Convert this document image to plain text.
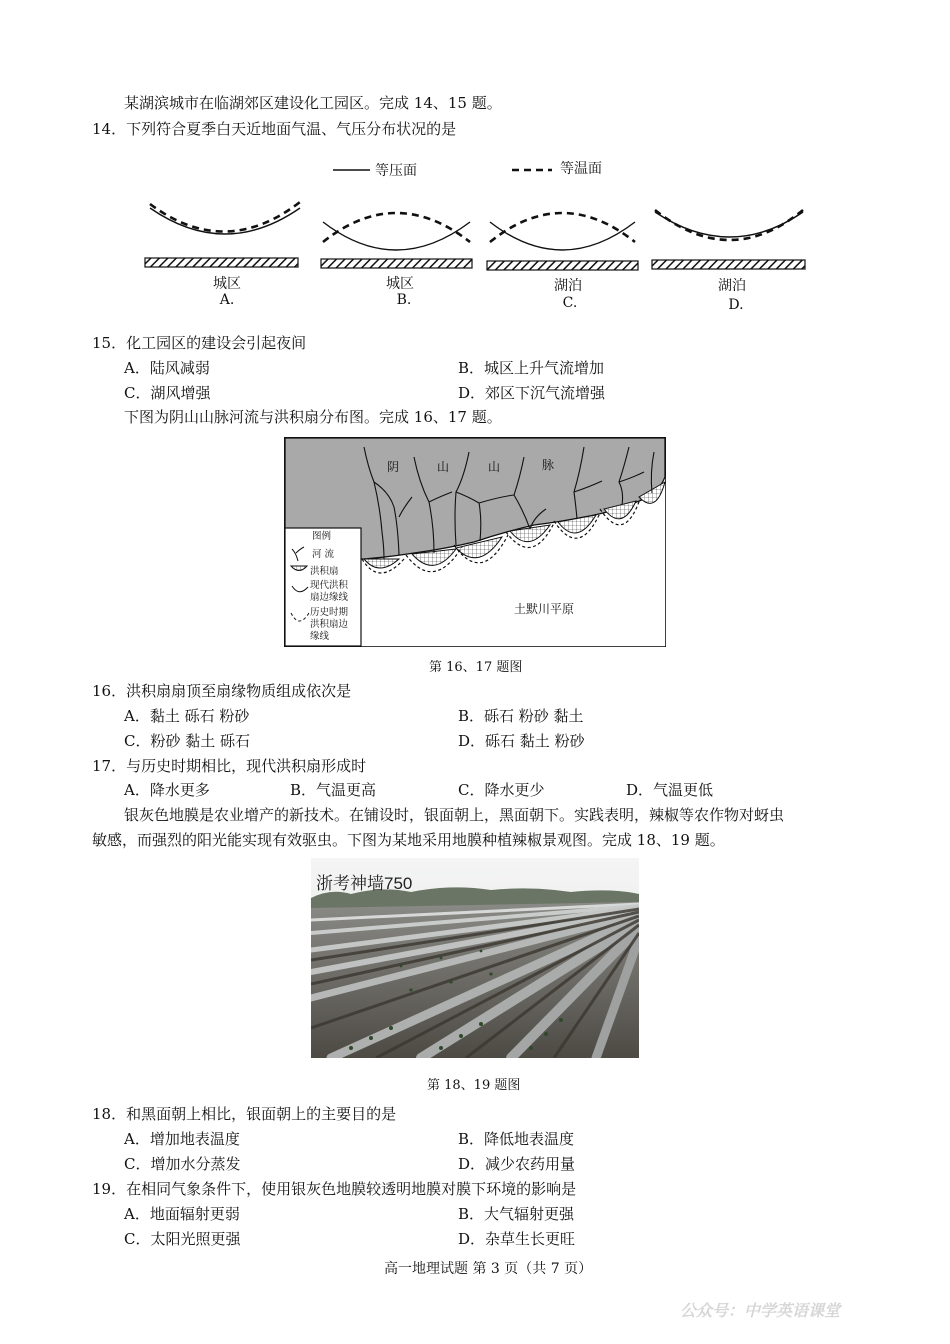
某湖滨城市在临湖郊区建设化工园区。完成 14、15 题。
14．下列符合夏季白天近地面气温、气压分布状况的是
等压面	等温面
城区
A.
城区
B.
湖泊
C.
湖泊
D.
15．化工园区的建设会引起夜间
A．陆风减弱	B．城区上升气流增加
C．湖风增强	D．郊区下沉气流增强
下图为阴山山脉河流与洪积扇分布图。完成 16、17 题。
阴	山	山	脉
土默川平原
图例
河 流
洪积扇
现代洪积
扇边缘线
历史时期
洪积扇边
缘线
第 16、17 题图
16．洪积扇扇顶至扇缘物质组成依次是
A．黏土 砾石 粉砂	B．砾石 粉砂 黏土
C．粉砂 黏土 砾石	D．砾石 黏土 粉砂
17．与历史时期相比，现代洪积扇形成时
A．降水更多	B．气温更高	C．降水更少	D．气温更低
银灰色地膜是农业增产的新技术。在铺设时，银面朝上，黑面朝下。实践表明，辣椒等农作物对蚜虫
敏感，而强烈的阳光能实现有效驱虫。下图为某地采用地膜种植辣椒景观图。完成 18、19 题。
浙考神墙750
第 18、19 题图
18．和黑面朝上相比，银面朝上的主要目的是
A．增加地表温度	B．降低地表温度
C．增加水分蒸发	D．减少农药用量
19．在相同气象条件下，使用银灰色地膜较透明地膜对膜下环境的影响是
A．地面辐射更弱	B．大气辐射更强
C．太阳光照更强	D．杂草生长更旺
高一地理试题 第 3 页（共 7 页）
公众号：中学英语课堂
